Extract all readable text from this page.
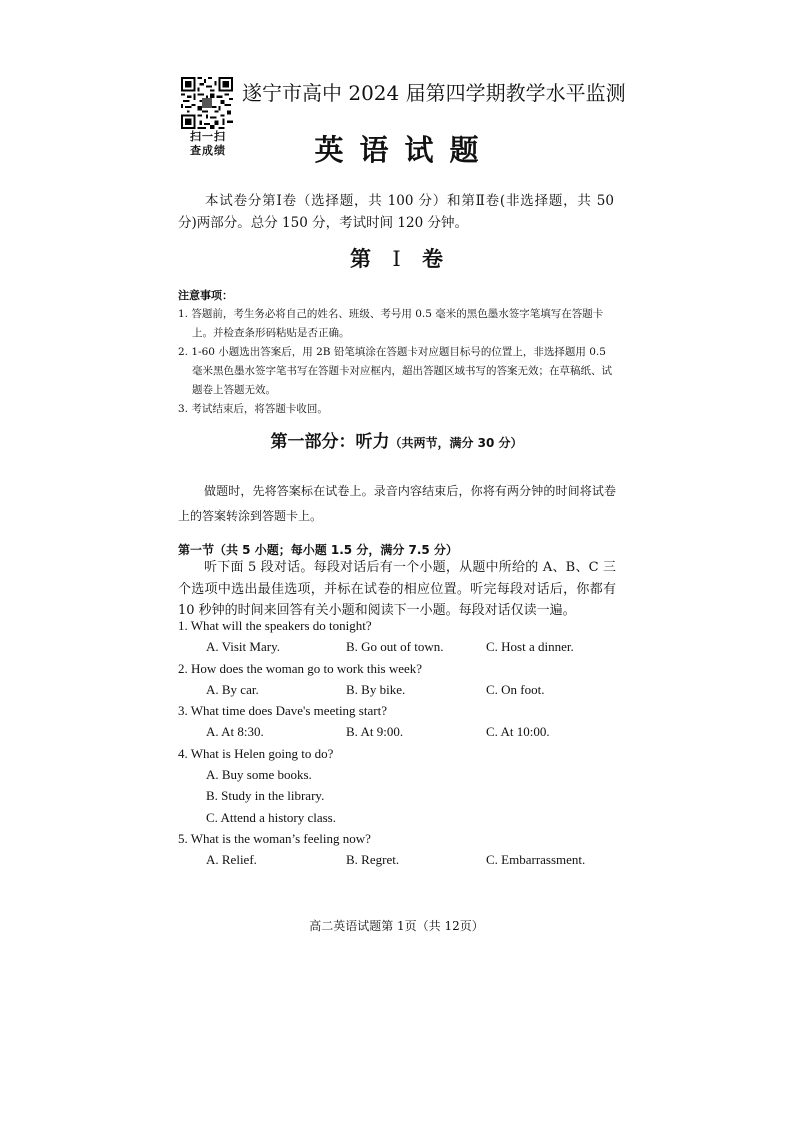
扫一扫
查成绩
遂宁市高中 2024 届第四学期教学水平监测
英语试题
本试卷分第Ⅰ卷（选择题，共 100 分）和第Ⅱ卷(非选择题，共 50 分)两部分。总分 150 分，考试时间 120 分钟。
第 Ⅰ 卷
注意事项：
1. 答题前，考生务必将自己的姓名、班级、考号用 0.5 毫米的黑色墨水签字笔填写在答题卡上。并检查条形码粘贴是否正确。
2. 1-60 小题选出答案后，用 2B 铅笔填涂在答题卡对应题目标号的位置上，非选择题用 0.5 毫米黑色墨水签字笔书写在答题卡对应框内，超出答题区域书写的答案无效；在草稿纸、试题卷上答题无效。
3. 考试结束后，将答题卡收回。
第一部分：听力（共两节，满分 30 分）
做题时，先将答案标在试卷上。录音内容结束后，你将有两分钟的时间将试卷上的答案转涂到答题卡上。
第一节（共 5 小题；每小题 1.5 分，满分 7.5 分）
听下面 5 段对话。每段对话后有一个小题，从题中所给的 A、B、C 三个选项中选出最佳选项，并标在试卷的相应位置。听完每段对话后，你都有 10 秒钟的时间来回答有关小题和阅读下一小题。每段对话仅读一遍。
1. What will the speakers do tonight?
A. Visit Mary.	B. Go out of town.	C. Host a dinner.
2. How does the woman go to work this week?
A. By car.	B. By bike.	C. On foot.
3. What time does Dave's meeting start?
A. At 8:30.	B. At 9:00.	C. At 10:00.
4. What is Helen going to do?
A. Buy some books.
B. Study in the library.
C. Attend a history class.
5. What is the woman’s feeling now?
A. Relief.	B. Regret.	C. Embarrassment.
高二英语试题第 1页（共 12页）
